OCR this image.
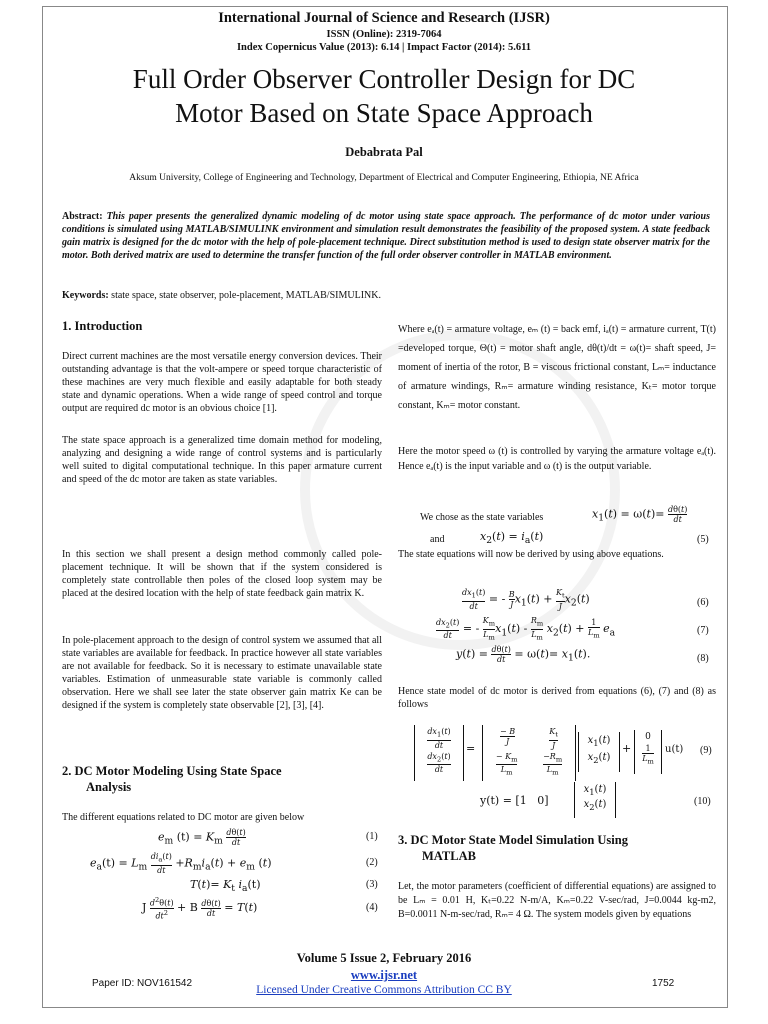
International Journal of Science and Research (IJSR)
ISSN (Online): 2319-7064
Index Copernicus Value (2013): 6.14 | Impact Factor (2014): 5.611
Full Order Observer Controller Design for DC
Motor Based on State Space Approach
Debabrata Pal
Aksum University, College of Engineering and Technology, Department of Electrical and Computer Engineering, Ethiopia, NE Africa
Abstract: This paper presents the generalized dynamic modeling of dc motor using state space approach. The performance of dc motor under various conditions is simulated using MATLAB/SIMULINK environment and simulation result demonstrates the feasibility of the proposed system. A state feedback gain matrix is designed for the dc motor with the help of pole-placement technique. Direct substitution method is used to design state observer matrix for the motor. Both derived matrix are used to determine the transfer function of the full order observer controller in MATLAB environment.
Keywords: state space, state observer, pole-placement, MATLAB/SIMULINK.
1. Introduction
Direct current machines are the most versatile energy conversion devices. Their outstanding advantage is that the volt-ampere or speed torque characteristic of these machines are very much flexible and easily adaptable for both steady state and dynamic operations. When a wide range of speed control and torque output are required dc motor is an obvious choice [1].
The state space approach is a generalized time domain method for modeling, analyzing and designing a wide range of control systems and is particularly well suited to digital computational technique. In this paper armature current and speed of the dc motor are taken as state variables.
In this section we shall present a design method commonly called pole-placement technique. It will be shown that if the system considered is completely state controllable then poles of the closed loop system may be placed at the desired location with the help of state feedback gain matrix K.
In pole-placement approach to the design of control system we assumed that all state variables are available for feedback. In practice however all state variables are not available for feedback. So it is necessary to estimate unavailable state variables. Estimation of unmeasurable state variable is commonly called observation. Here we shall see later the state observer gain matrix Ke can be designed if the system is completely state observable [2], [3], [4].
2. DC Motor Modeling Using State Space
Analysis
The different equations related to DC motor are given below
$e_m$ $(t) = K_m \frac{d\theta(t)}{dt}$	(1)
$e_a(t) = L_m \frac{di_a(t)}{dt} +R_mi_a(t) + e_m$ (t)	(2)
$T(t)= K_t$ $i_a(t)$	(3)
J $\frac{d^2\theta(t)}{dt^2} + B \frac{d\theta(t)}{dt} = T(t)$	(4)
Where eₐ(t) = armature voltage, eₘ (t) = back emf, iₐ(t) = armature current, T(t) =developed torque, Θ(t) = motor shaft angle, dθ(t)/dt = ω(t)= shaft speed, J= moment of inertia of the rotor, B = viscous frictional constant, Lₘ= inductance of armature windings, Rₘ= armature winding resistance, Kₜ= motor torque constant, Kₘ= motor constant.
Here the motor speed ω (t) is controlled by varying the armature voltage eₐ(t). Hence eₐ(t) is the input variable and ω (t) is the output variable.
We chose as the state variables	$x_1(t) = \omega(t)= \frac{d\theta(t)}{dt}$
and	$x_2(t) = i_a(t)$	(5)
The state equations will now be derived by using above equations.
$\frac{dx_1(t)}{dt}$ = - $\frac{B}{J} x_1(t) + \frac{K_t}{J} x_2(t)$	(6)
$\frac{dx_2(t)}{dt}$ = - $\frac{K_m}{L_m} x_1(t) - \frac{R_m}{L_m} x_2(t) + \frac{1}{L_m} e_a$	(7)
$y(t) = \frac{d\theta(t)}{dt} = \omega(t)= x_1(t)$.	(8)
Hence state model of dc motor is derived from equations (6), (7) and (8) as follows
$\frac{dx_1(t)}{dt}$
$\frac{dx_2(t)}{dt}$
=	$\frac{- B}{J}$	$\frac{K_t}{J}$
$\frac{- K_m}{L_m}$	$\frac{-R_m}{L_m}$
$x_1(t)$
$x_2(t)$
+
0
$\frac{1}{L_m} u(t)$ (9)
y(t) = [1   0]
$x_1(t)$
$x_2(t)$	(10)
3. DC Motor State Model Simulation Using
MATLAB
Let, the motor parameters (coefficient of differential equations) are assigned to be Lₘ = 0.01 H, Kₜ=0.22 N-m/A, Kₘ=0.22 V-sec/rad, J=0.0044 kg-m2, B=0.0011 N-m-sec/rad, Rₘ= 4 Ω. The system models given by equations
Volume 5 Issue 2, February 2016
www.ijsr.net
Licensed Under Creative Commons Attribution CC BY
Paper ID: NOV161542	1752
